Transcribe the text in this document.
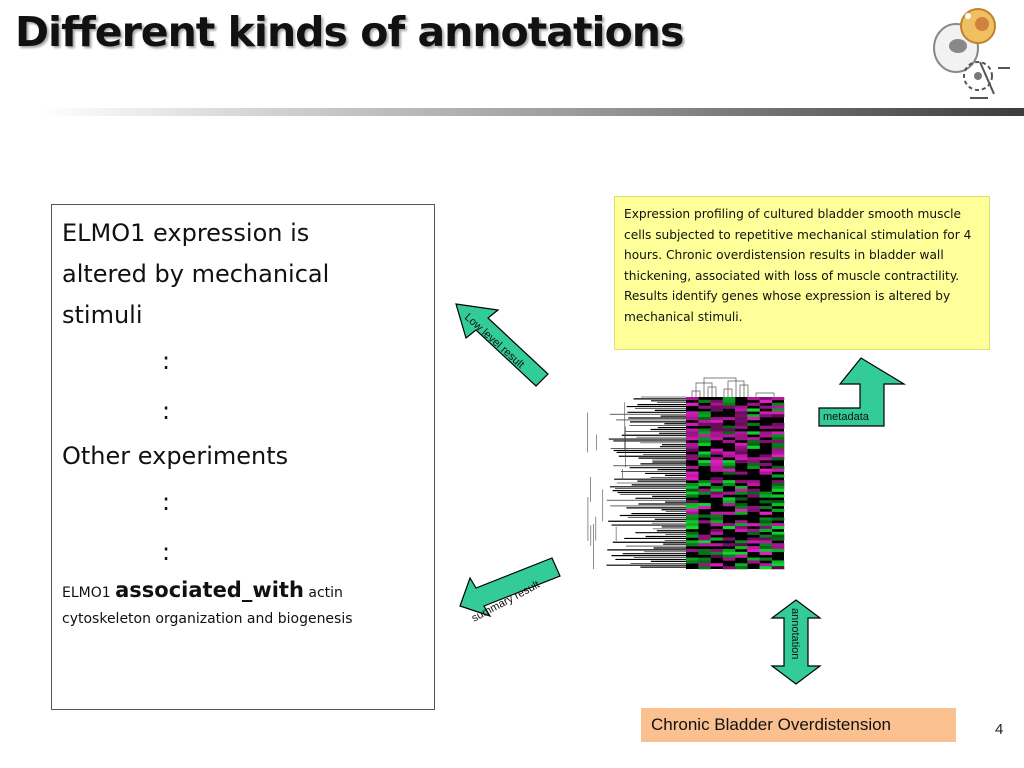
Different kinds of annotations
ELMO1 expression is
altered by mechanical
stimuli
:
:
Other experiments
:
:
ELMO1 associated_with actin
cytoskeleton organization and biogenesis
Expression profiling of cultured bladder smooth muscle cells subjected to repetitive mechanical stimulation for 4 hours. Chronic overdistension results in bladder wall thickening, associated with loss of muscle contractility. Results identify genes whose expression is altered by mechanical stimuli.
Low level result
summary result
metadata
annotation
Chronic Bladder Overdistension	4
